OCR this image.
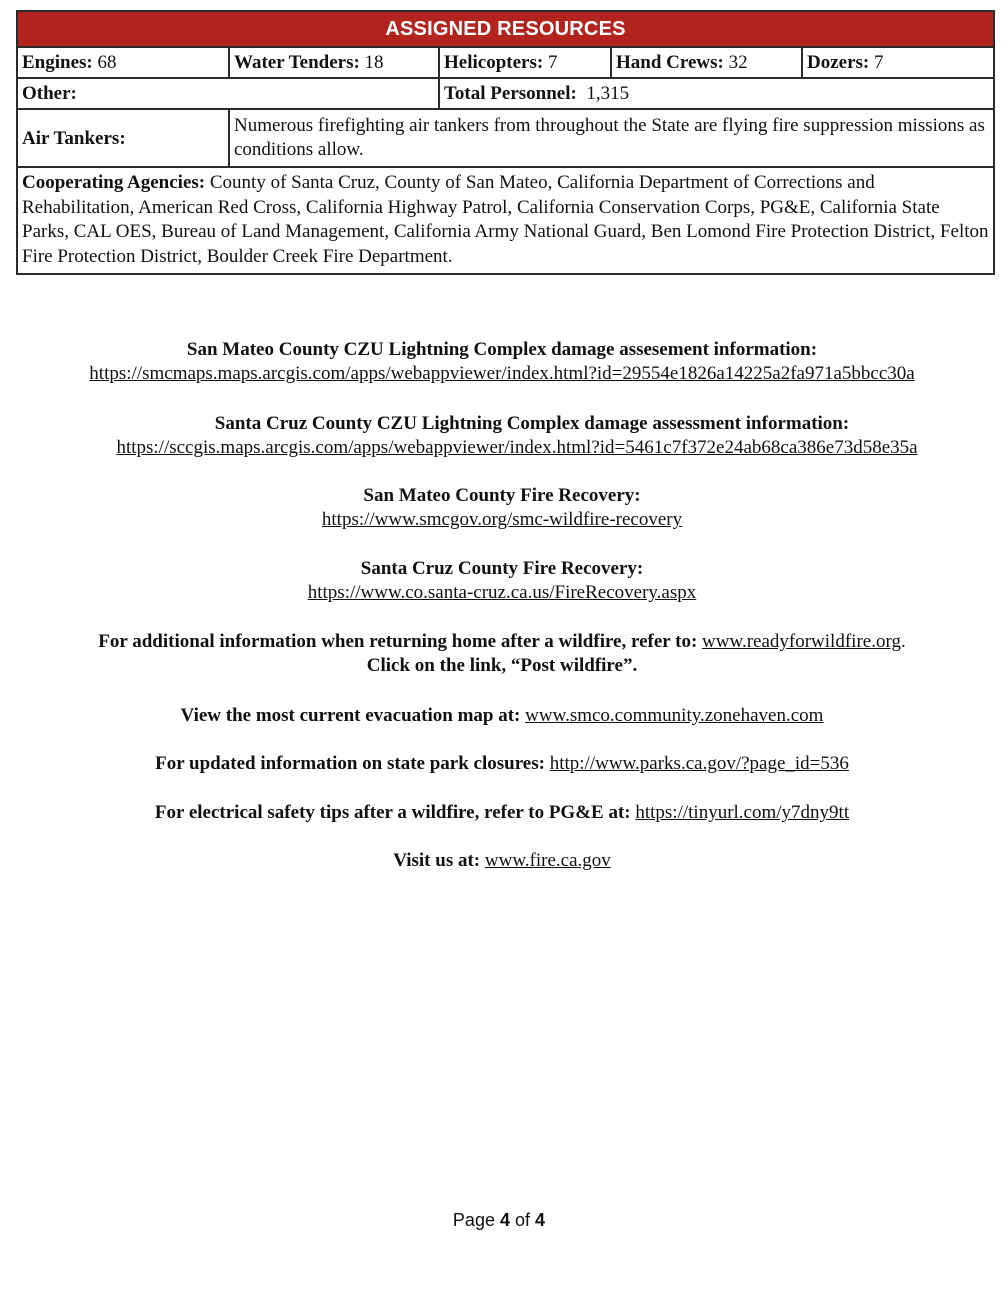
ASSIGNED RESOURCES				
Engines: 68	Water Tenders: 18	Helicopters: 7	Hand Crews: 32	Dozers: 7
Other:		Total Personnel: 1,315		
Air Tankers:	Numerous firefighting air tankers from throughout the State are flying fire suppression missions as conditions allow.			
Cooperating Agencies: County of Santa Cruz, County of San Mateo, California Department of Corrections and Rehabilitation, American Red Cross, California Highway Patrol, California Conservation Corps, PG&E, California State Parks, CAL OES, Bureau of Land Management, California Army National Guard, Ben Lomond Fire Protection District, Felton Fire Protection District, Boulder Creek Fire Department.				
San Mateo County CZU Lightning Complex damage assesement information:
https://smcmaps.maps.arcgis.com/apps/webappviewer/index.html?id=29554e1826a14225a2fa971a5bbcc30a
Santa Cruz County CZU Lightning Complex damage assessment information:
https://sccgis.maps.arcgis.com/apps/webappviewer/index.html?id=5461c7f372e24ab68ca386e73d58e35a
San Mateo County Fire Recovery:
https://www.smcgov.org/smc-wildfire-recovery
Santa Cruz County Fire Recovery:
https://www.co.santa-cruz.ca.us/FireRecovery.aspx
For additional information when returning home after a wildfire, refer to: www.readyforwildfire.org.
Click on the link, “Post wildfire”.
View the most current evacuation map at: www.smco.community.zonehaven.com
For updated information on state park closures: http://www.parks.ca.gov/?page_id=536
For electrical safety tips after a wildfire, refer to PG&E at: https://tinyurl.com/y7dny9tt
Visit us at: www.fire.ca.gov
Page 4 of 4
